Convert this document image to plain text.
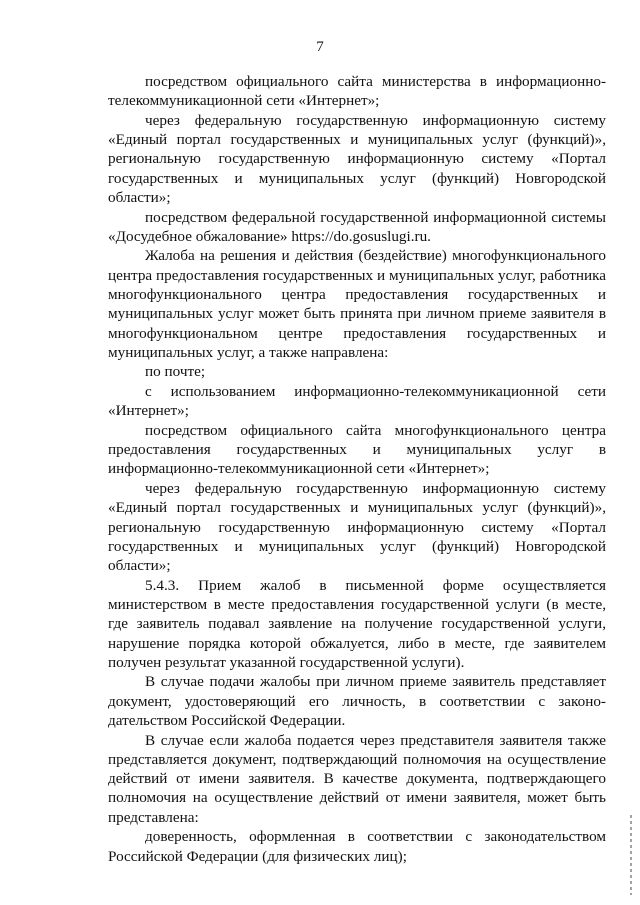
7

посредством официального сайта министерства в информационно-телекоммуникационной сети «Интернет»;

через федеральную государственную информационную систему «Единый портал государственных и муниципальных услуг (функций)», региональную государственную информационную систему «Портал государственных и муниципальных услуг (функций) Новгородской области»;

посредством федеральной государственной информационной системы «Досудебное обжалование» https://do.gosuslugi.ru.

Жалоба на решения и действия (бездействие) многофункционального центра предоставления государственных и муниципальных услуг, работника многофункционального центра предоставления государственных и муниципальных услуг может быть принята при личном приеме заявителя в многофункциональном центре предоставления государственных и муниципальных услуг, а также направлена:

по почте;

с использованием информационно-телекоммуникационной сети «Интернет»;

посредством официального сайта многофункционального центра предоставления государственных и муниципальных услуг в информационно-телекоммуникационной сети «Интернет»;

через федеральную государственную информационную систему «Единый портал государственных и муниципальных услуг (функций)», региональную государственную информационную систему «Портал государственных и муниципальных услуг (функций) Новгородской области»;

5.4.3. Прием жалоб в письменной форме осуществляется министерством в месте предоставления государственной услуги (в месте, где заявитель подавал заявление на получение государственной услуги, нарушение порядка которой обжалуется, либо в месте, где заявителем получен результат указанной государственной услуги).

В случае подачи жалобы при личном приеме заявитель представляет документ, удостоверяющий его личность, в соответствии с законо-дательством Российской Федерации.

В случае если жалоба подается через представителя заявителя также представляется документ, подтверждающий полномочия на осуществление действий от имени заявителя. В качестве документа, подтверждающего полномочия на осуществление действий от имени заявителя, может быть представлена:

доверенность, оформленная в соответствии с законодательством Российской Федерации (для физических лиц);
